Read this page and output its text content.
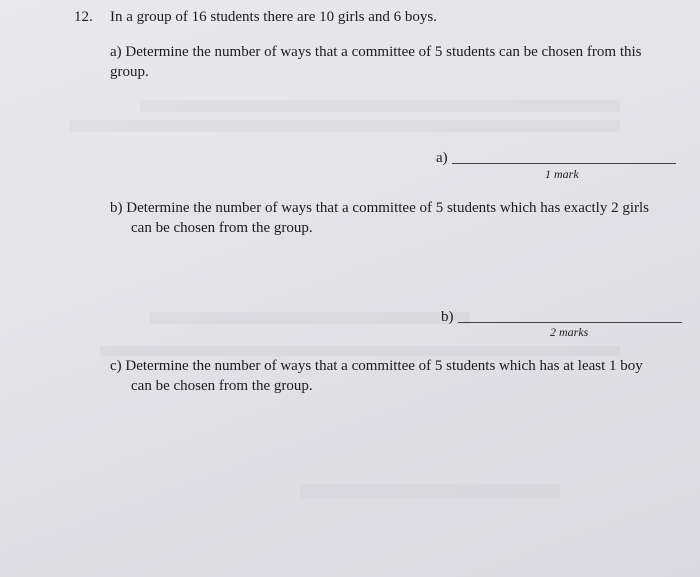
12. In a group of 16 students there are 10 girls and 6 boys.
a) Determine the number of ways that a committee of 5 students can be chosen from this
group.
a)
1 mark
b) Determine the number of ways that a committee of 5 students which has exactly 2 girls
can be chosen from the group.
b)
2 marks
c) Determine the number of ways that a committee of 5 students which has at least 1 boy
can be chosen from the group.
